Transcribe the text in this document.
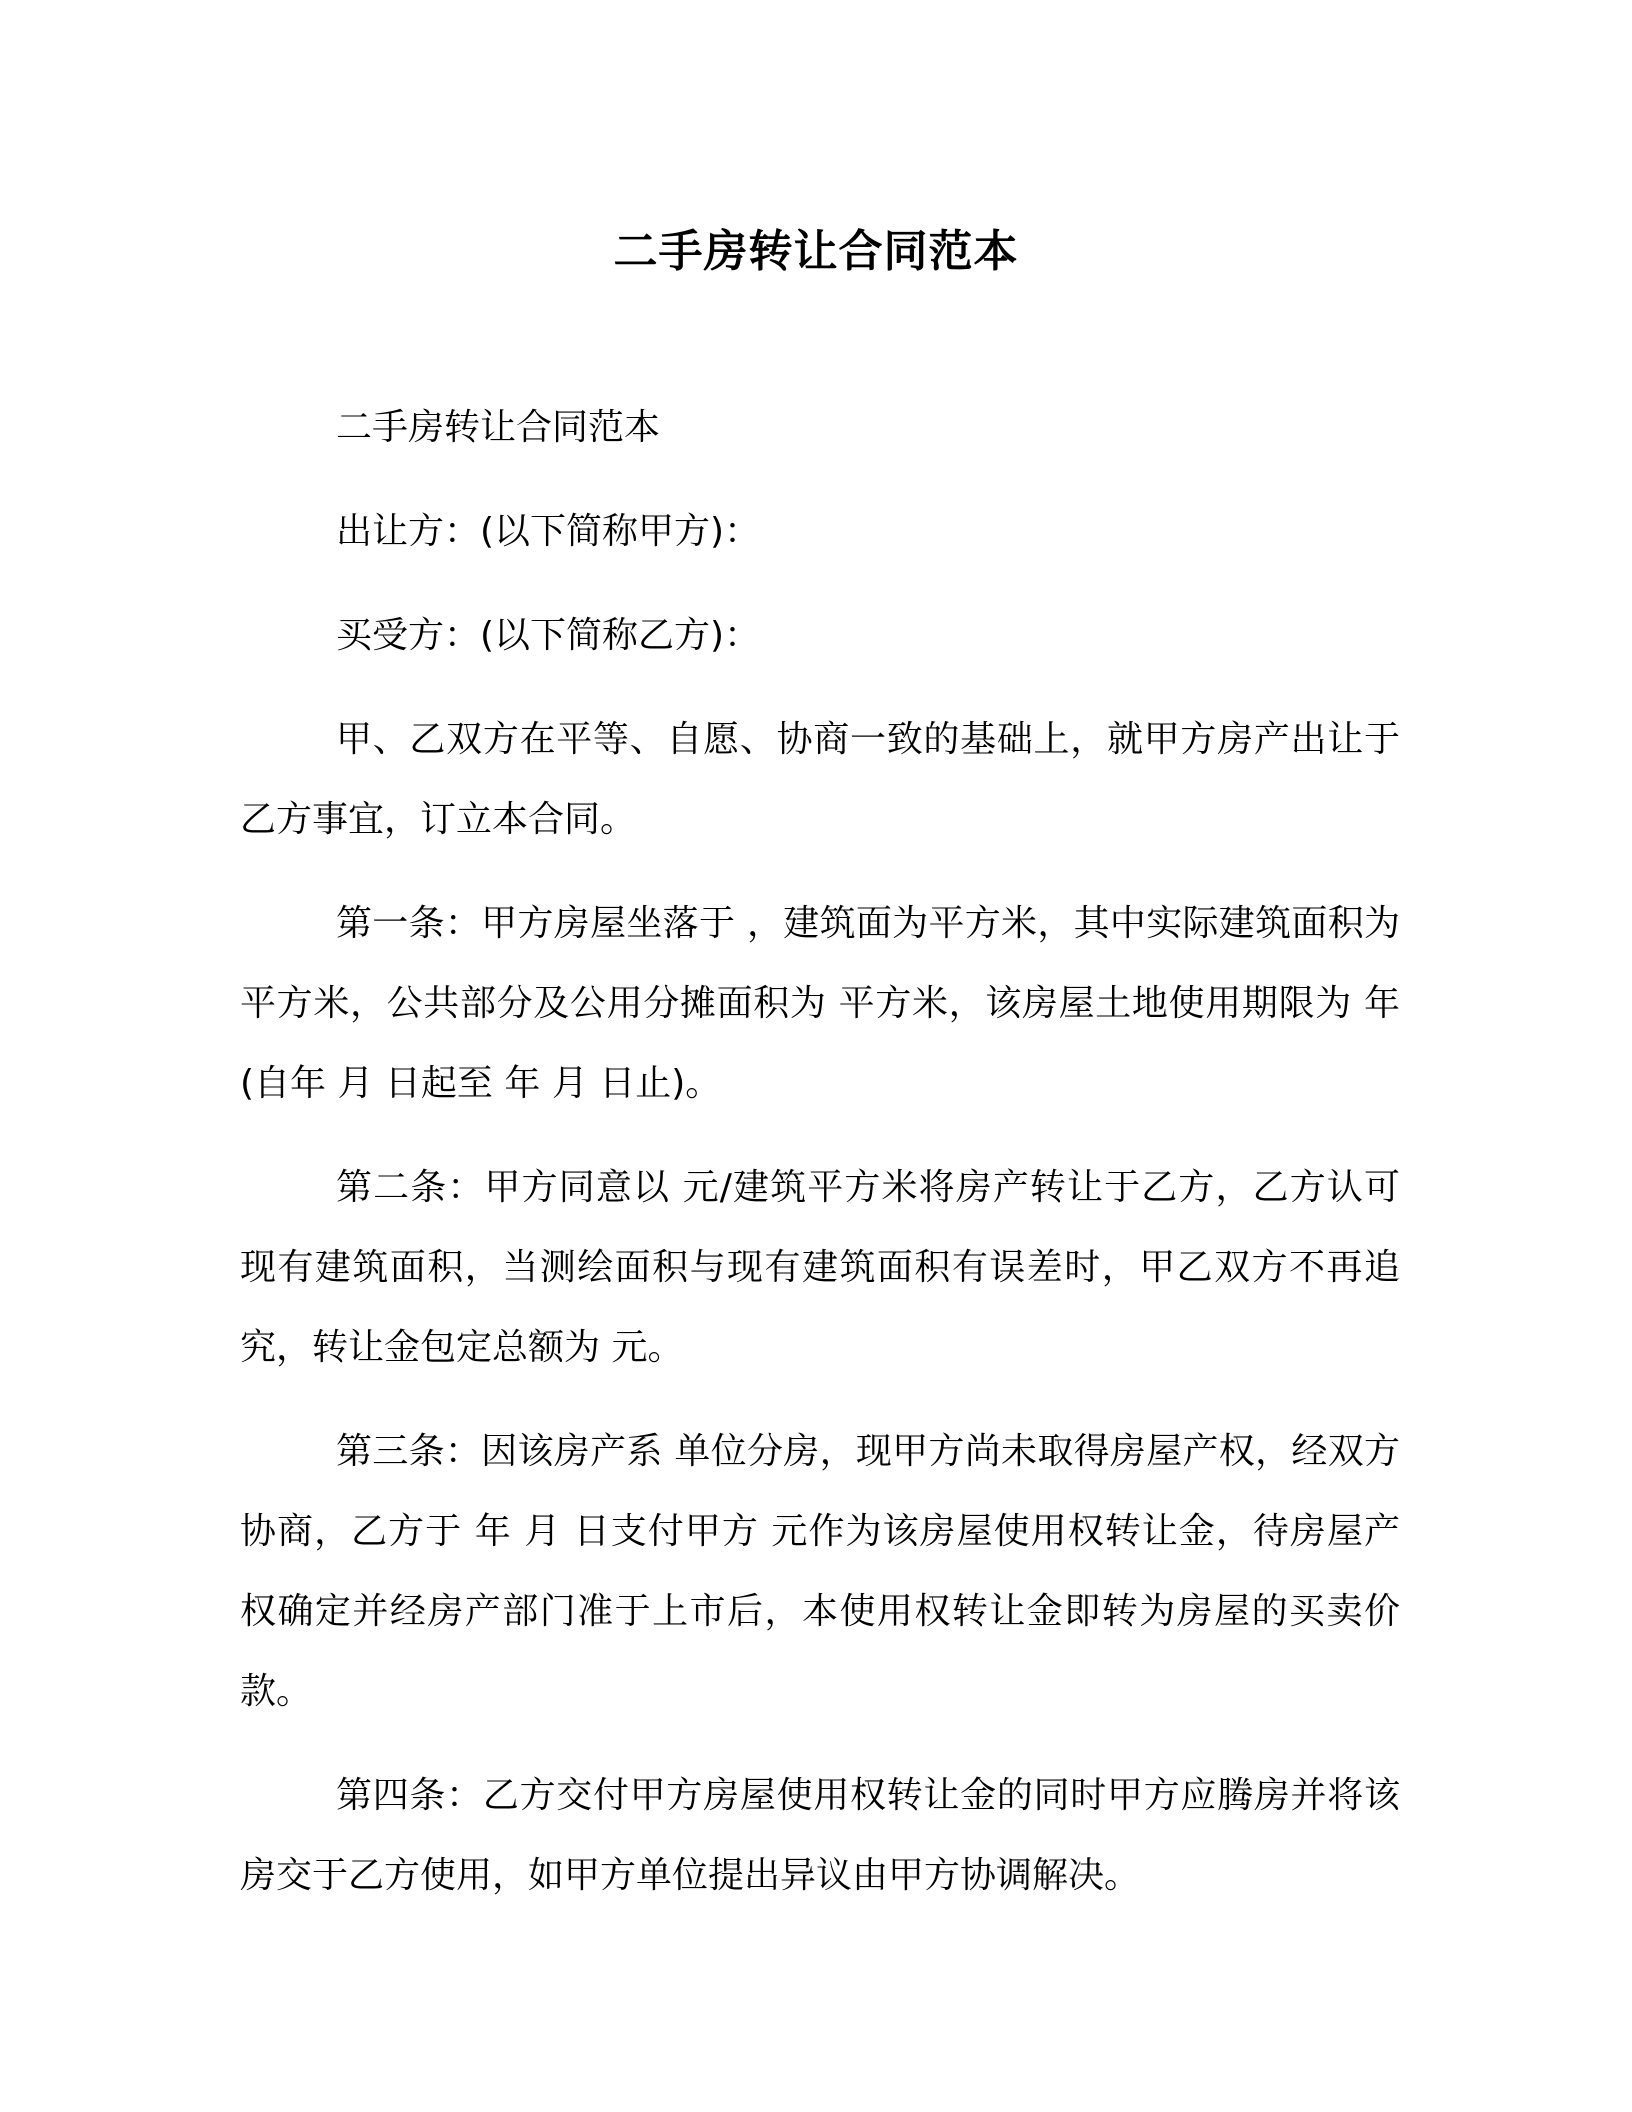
二手房转让合同范本

二手房转让合同范本

出让方：(以下简称甲方)：

买受方：(以下简称乙方)：

甲、乙双方在平等、自愿、协商一致的基础上，就甲方房产出让于乙方事宜，订立本合同。

第一条：甲方房屋坐落于 ，建筑面为平方米，其中实际建筑面积为 平方米，公共部分及公用分摊面积为 平方米，该房屋土地使用期限为 年(自年 月 日起至 年 月 日止)。

第二条：甲方同意以 元/建筑平方米将房产转让于乙方，乙方认可现有建筑面积，当测绘面积与现有建筑面积有误差时，甲乙双方不再追究，转让金包定总额为 元。

第三条：因该房产系 单位分房，现甲方尚未取得房屋产权，经双方协商，乙方于 年 月 日支付甲方 元作为该房屋使用权转让金，待房屋产权确定并经房产部门准于上市后，本使用权转让金即转为房屋的买卖价款。

第四条：乙方交付甲方房屋使用权转让金的同时甲方应腾房并将该房交于乙方使用，如甲方单位提出异议由甲方协调解决。
